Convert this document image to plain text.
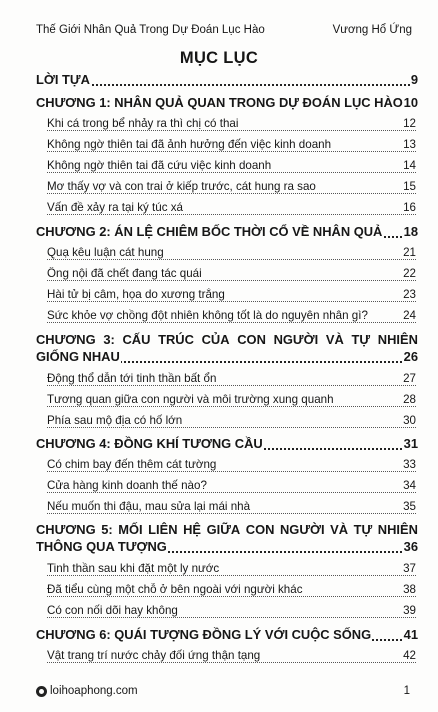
Thế Giới Nhân Quả Trong Dự Đoán Lục Hào	Vương Hổ Ứng
MỤC LỤC
LỜI TỰA	9
CHƯƠNG 1: NHÂN QUẢ QUAN TRONG DỰ ĐOÁN LỤC HÀO 10
Khi cá trong bể nhảy ra thì chị có thai	12
Không ngờ thiên tai đã ảnh hưởng đến việc kinh doanh	13
Không ngờ thiên tai đã cứu việc kinh doanh	14
Mơ thấy vợ và con trai ở kiếp trước, cát hung ra sao	15
Vấn đề xảy ra tại ký túc xá	16
CHƯƠNG 2: ÁN LỆ CHIÊM BỐC THỜI CỔ VỀ NHÂN QUẢ 18
Quạ kêu luận cát hung	21
Ông nội đã chết đang tác quái	22
Hài tử bị câm, họa do xương trắng	23
Sức khỏe vợ chồng đột nhiên không tốt là do nguyên nhân gì?	24
CHƯƠNG 3: CẤU TRÚC CỦA CON NGƯỜI VÀ TỰ NHIÊN
GIỐNG NHAU	26
Động thổ dẫn tới tinh thần bất ổn	27
Tương quan giữa con người và môi trường xung quanh	28
Phía sau mộ địa có hố lớn	30
CHƯƠNG 4: ĐỒNG KHÍ TƯƠNG CẦU	31
Có chim bay đến thêm cát tường	33
Cửa hàng kinh doanh thế nào?	34
Nếu muốn thi đậu, mau sửa lại mái nhà	35
CHƯƠNG 5: MỐI LIÊN HỆ GIỮA CON NGƯỜI VÀ TỰ NHIÊN
THÔNG QUA TƯỢNG	36
Tinh thần sau khi đặt một ly nước	37
Đã tiểu cùng một chỗ ở bên ngoài với người khác	38
Có con nối dõi hay không	39
CHƯƠNG 6: QUÁI TƯỢNG ĐỒNG LÝ VỚI CUỘC SỐNG	41
Vật trang trí nước chảy đối ứng thận tạng	42
loihoaphong.com	1
